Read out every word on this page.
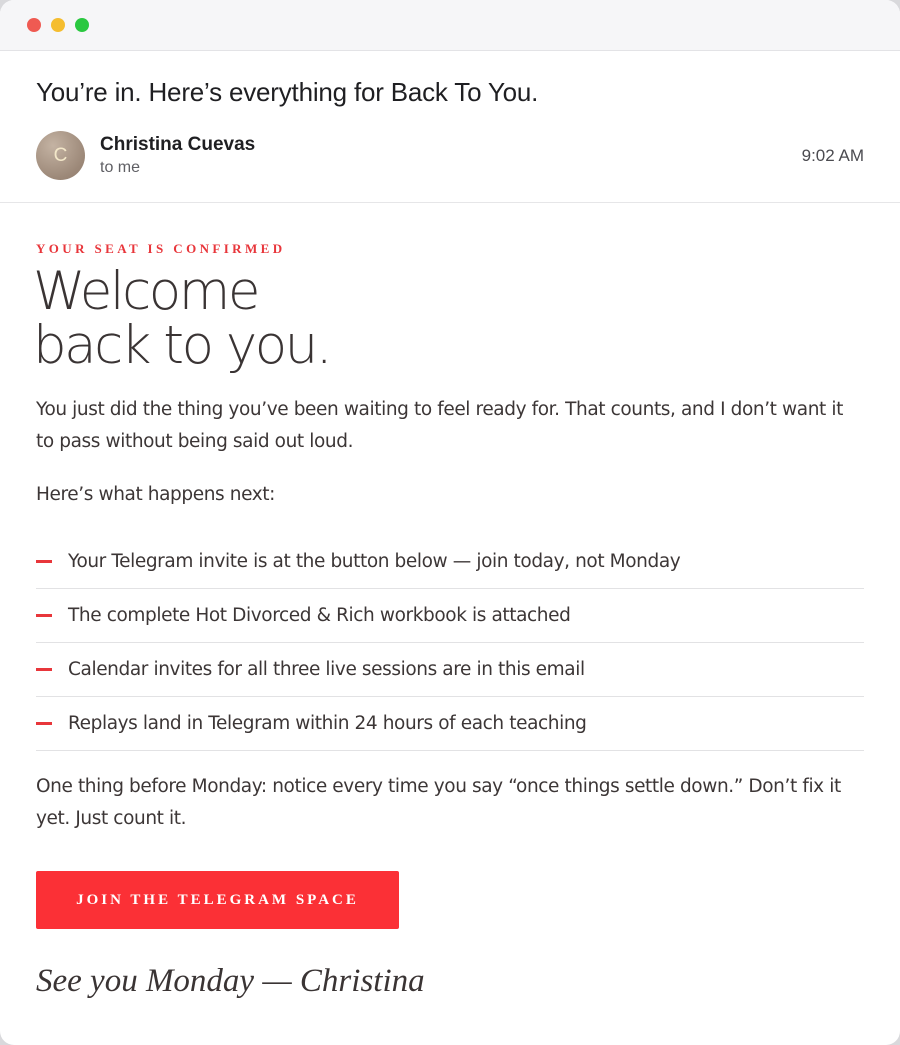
You’re in. Here’s everything for Back To You.
C	Christina Cuevas
to me
9:02 AM
YOUR SEAT IS CONFIRMED
Welcome
back to you.
You just did the thing you’ve been waiting to feel ready for. That counts, and I don’t want it to pass without being said out loud.
Here’s what happens next:
Your Telegram invite is at the button below — join today, not Monday
The complete Hot Divorced & Rich workbook is attached
Calendar invites for all three live sessions are in this email
Replays land in Telegram within 24 hours of each teaching
One thing before Monday: notice every time you say “once things settle down.” Don’t fix it yet. Just count it.
JOIN THE TELEGRAM SPACE
See you Monday — Christina
